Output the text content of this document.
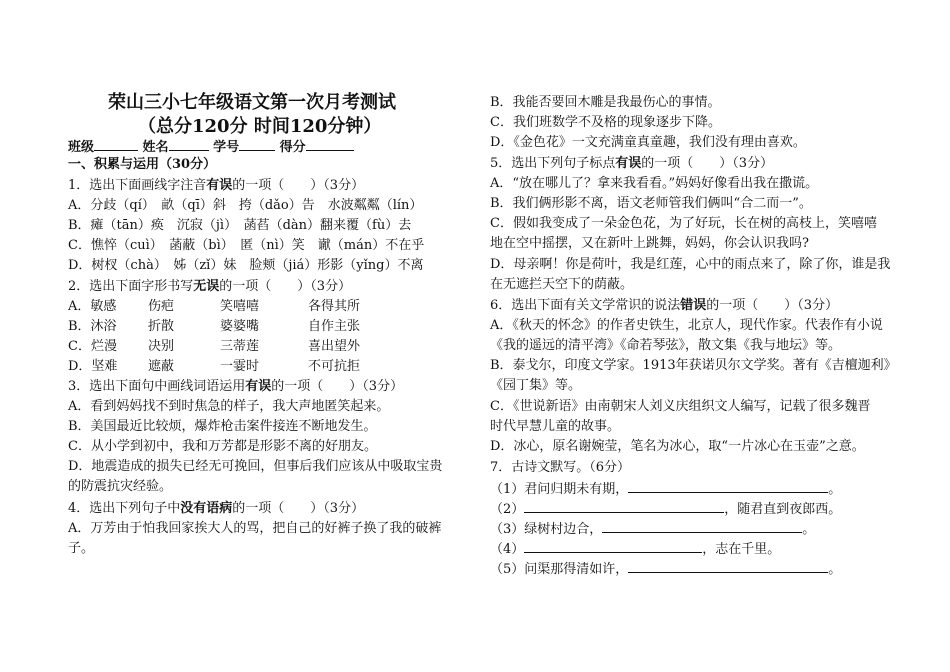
荣山三小七年级语文第一次月考测试
（总分120分 时间120分钟）
班级	姓名	学号	得分
一、积累与运用（30分）
1．选出下面画线字注音有误的一项（　　）（3分）
A．分歧（qí）　畝（qī）斜　挎（dǎo）告　水波粼粼（lín）
B．瘫（tān）痪　沉寂（jì）　菡萏（dàn）翻来覆（fù）去
C．憔悴（cuì）　菡蔽（bì）　匿（nì）笑　谳（mán）不在乎
D．树杈（chà）　姊（zǐ）妹　脸颊（jiá）形影（yǐng）不离
2．选出下面字形书写无误的一项（　　）（3分）
A．敏感 伤疤	笑嘻嘻	各得其所
B．沐浴 折散	婆婆嘴	自作主张
C．烂漫 决别	三蒂莲	喜出望外
D．坚难 遮蔽	一霎时	不可抗拒
3．选出下面句中画线词语运用有误的一项（　　）（3分）
A．看到妈妈找不到时焦急的样子，我大声地匿笑起来。
B．美国最近比较烦，爆炸枪击案件接连不断地发生。
C．从小学到初中，我和万芳都是形影不离的好朋友。
D．地震造成的损失已经无可挽回，但事后我们应该从中吸取宝贵
的防震抗灾经验。
4．选出下列句子中没有语病的一项（　　）（3分）
A．万芳由于怕我回家挨大人的骂，把自己的好裤子换了我的破裤
子。
B．我能否要回木雕是我最伤心的事情。
C．我们班数学不及格的现象逐步下降。
D．《金色花》一文充满童真童趣，我们没有理由喜欢。
5．选出下列句子标点有误的一项（　　）（3分）
A．“放在哪儿了？拿来我看看。”妈妈好像看出我在撒谎。
B．我们俩形影不离，语文老师管我们俩叫“合二而一”。
C．假如我变成了一朵金色花，为了好玩，长在树的高枝上，笑嘻嘻
地在空中摇摆，又在新叶上跳舞，妈妈，你会认识我吗?
D．母亲啊！你是荷叶，我是红莲，心中的雨点来了，除了你，谁是我
在无遮拦天空下的荫蔽。
6．选出下面有关文学常识的说法错误的一项（　　）（3分）
A．《秋天的怀念》的作者史铁生，北京人，现代作家。代表作有小说
《我的遥远的清平湾》《命若琴弦》，散文集《我与地坛》等。
B．泰戈尔，印度文学家。1913年获诺贝尔文学奖。著有《吉檀迦利》
《园丁集》等。
C．《世说新语》由南朝宋人刘义庆组织文人编写，记载了很多魏晋
时代早慧儿童的故事。
D．冰心，原名谢婉莹，笔名为冰心，取“一片冰心在玉壶”之意。
7．古诗文默写。（6分）
（1）君问归期未有期，	。
（2）	，随君直到夜郎西。
（3）绿树村边合，	。
（4）	，志在千里。
（5）问渠那得清如许，	。
